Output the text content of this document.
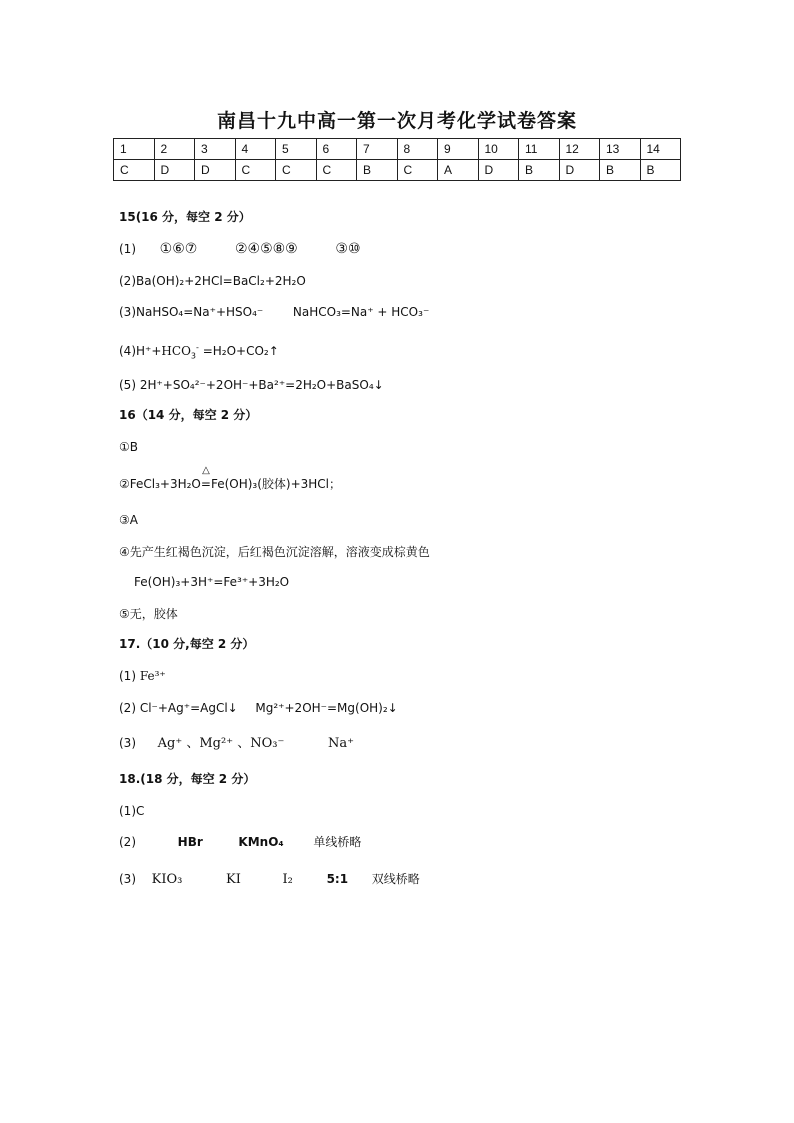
南昌十九中高一第一次月考化学试卷答案
1	2	3	4	5	6	7	8	9	10	11	12	13	14
C	D	D	C	C	C	B	C	A	D	B	D	B	B
15(16 分，每空 2 分）
(1) ①⑥⑦	②④⑤⑧⑨	③⑩
(2)Ba(OH)₂+2HCl=BaCl₂+2H₂O
(3)NaHSO₄=Na⁺+HSO₄⁻ NaHCO₃=Na⁺ + HCO₃⁻
$(4)H^++HCO_3^-$ =H₂O+CO₂↑
(5) 2H⁺+SO₄²⁻+2OH⁻+Ba²⁺=2H₂O+BaSO₄↓
16（14 分，每空 2 分）
①B
②FeCl₃+3H₂O
△
=Fe(OH)₃(胶体)+3HCl；
③A
④先产生红褐色沉淀，后红褐色沉淀溶解，溶液变成棕黄色
Fe(OH)₃+3H⁺=Fe³⁺+3H₂O
⑤无，胶体
17.（10 分,每空 2 分）
(1) Fe³⁺
(2) Cl⁻+Ag⁺=AgCl↓ Mg²⁺+2OH⁻=Mg(OH)₂↓
(3) Ag⁺ 、Mg²⁺ 、NO₃⁻	Na⁺
18.(18 分，每空 2 分）
(1)C
(2)	HBr	KMnO₄ 单线桥略
(3) KIO₃	KI	I₂	5:1 双线桥略
